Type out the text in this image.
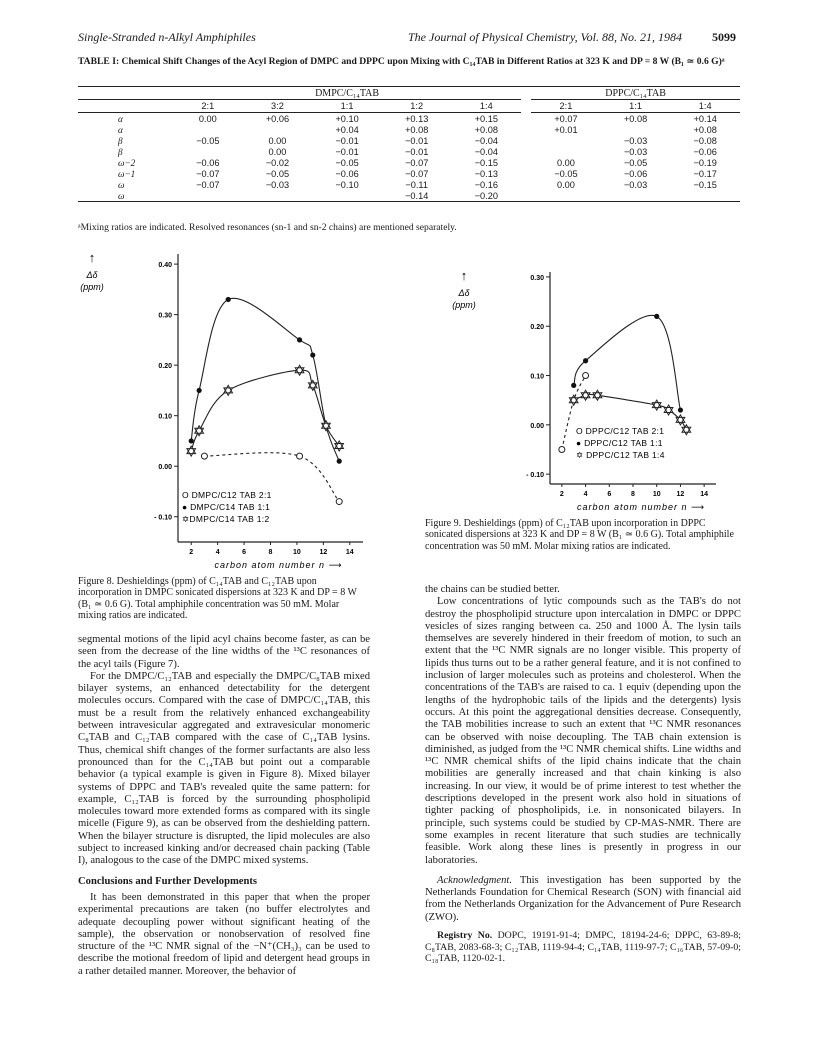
Single-Stranded n-Alkyl Amphiphiles	The Journal of Physical Chemistry, Vol. 88, No. 21, 1984	5099
TABLE I: Chemical Shift Changes of the Acyl Region of DMPC and DPPC upon Mixing with C₁₄TAB in Different Ratios at 323 K and DP = 8 W (B₁ ≃ 0.6 G)ᵃ
	DMPC/C₁₄TAB						DPPC/C₁₄TAB		
	2:1	3:2	1:1	1:2	1:4		2:1	1:1	1:4
α	0.00	+0.06	+0.10	+0.13	+0.15		+0.07	+0.08	+0.14
α			+0.04	+0.08	+0.08		+0.01		+0.08
β	−0.05	0.00	−0.01	−0.01	−0.04			−0.03	−0.08
β		0.00	−0.01	−0.01	−0.04			−0.03	−0.06
ω−2	−0.06	−0.02	−0.05	−0.07	−0.15		0.00	−0.05	−0.19
ω−1	−0.07	−0.05	−0.06	−0.07	−0.13		−0.05	−0.06	−0.17
ω	−0.07	−0.03	−0.10	−0.11	−0.16		0.00	−0.03	−0.15
ω				−0.14	−0.20				
ᵃMixing ratios are indicated. Resolved resonances (sn-1 and sn-2 chains) are mentioned separately.
0.40
0.30
0.20
0.10
0.00
- 0.10
2	4	6	8	10	12	14
carbon atom number n ⟶
↑
Δδ
(ppm)
O DMPC/C12 TAB 2:1
● DMPC/C14 TAB 1:1
✡DMPC/C14 TAB 1:2
0.30
0.20
0.10
0.00
- 0.10
2	4	6	8	10 12 14
carbon atom number n ⟶
↑
Δδ
(ppm)
O DPPC/C12 TAB 2:1
● DPPC/C12 TAB 1:1
✡ DPPC/C12 TAB 1:4
Figure 8. Deshieldings (ppm) of C₁₄TAB and C₁₂TAB upon incorporation in DMPC sonicated dispersions at 323 K and DP = 8 W (B₁ ≃ 0.6 G). Total amphiphile concentration was 50 mM. Molar mixing ratios are indicated.
Figure 9. Deshieldings (ppm) of C₁₂TAB upon incorporation in DPPC sonicated dispersions at 323 K and DP = 8 W (B₁ ≃ 0.6 G). Total amphiphile concentration was 50 mM. Molar mixing ratios are indicated.

segmental motions of the lipid acyl chains become faster, as can be seen from the decrease of the line widths of the ¹³C resonances of the acyl tails (Figure 7).

For the DMPC/C₁₂TAB and especially the DMPC/C₈TAB mixed bilayer systems, an enhanced detectability for the detergent molecules occurs. Compared with the case of DMPC/C₁₄TAB, this must be a result from the relatively enhanced exchangeability between intravesicular aggregated and extravesicular monomeric C₈TAB and C₁₂TAB compared with the case of C₁₄TAB lysins. Thus, chemical shift changes of the former surfactants are also less pronounced than for the C₁₄TAB but point out a comparable behavior (a typical example is given in Figure 8). Mixed bilayer systems of DPPC and TAB's revealed quite the same pattern: for example, C₁₂TAB is forced by the surrounding phospholipid molecules toward more extended forms as compared with its single micelle (Figure 9), as can be observed from the deshielding pattern. When the bilayer structure is disrupted, the lipid molecules are also subject to increased kinking and/or decreased chain packing (Table I), analogous to the case of the DMPC mixed systems.

Conclusions and Further Developments

It has been demonstrated in this paper that when the proper experimental precautions are taken (no buffer electrolytes and adequate decoupling power without significant heating of the sample), the observation or nonobservation of resolved fine structure of the ¹³C NMR signal of the −N⁺(CH₃)₃ can be used to describe the motional freedom of lipid and detergent head groups in a rather detailed manner. Moreover, the behavior of

the chains can be studied better.

Low concentrations of lytic compounds such as the TAB's do not destroy the phospholipid structure upon intercalation in DMPC or DPPC vesicles of sizes ranging between ca. 250 and 1000 Å. The lysin tails themselves are severely hindered in their freedom of motion, to such an extent that the ¹³C NMR signals are no longer visible. This property of lipids thus turns out to be a rather general feature, and it is not confined to inclusion of larger molecules such as proteins and cholesterol. When the concentrations of the TAB's are raised to ca. 1 equiv (depending upon the lengths of the hydrophobic tails of the lipids and the detergents) lysis occurs. At this point the aggregational densities decrease. Consequently, the TAB mobilities increase to such an extent that ¹³C NMR resonances can be observed with noise decoupling. The TAB chain extension is diminished, as judged from the ¹³C NMR chemical shifts. Line widths and ¹³C NMR chemical shifts of the lipid chains indicate that the chain mobilities are generally increased and that chain kinking is also increasing. In our view, it would be of prime interest to test whether the descriptions developed in the present work also hold in situations of tighter packing of phospholipids, i.e. in nonsonicated bilayers. In principle, such systems could be studied by CP-MAS-NMR. There are some examples in recent literature that such studies are technically feasible. Work along these lines is presently in progress in our laboratories.

Acknowledgment. This investigation has been supported by the Netherlands Foundation for Chemical Research (SON) with financial aid from the Netherlands Organization for the Advancement of Pure Research (ZWO).

Registry No. DOPC, 19191-91-4; DMPC, 18194-24-6; DPPC, 63-89-8; C₈TAB, 2083-68-3; C₁₂TAB, 1119-94-4; C₁₄TAB, 1119-97-7; C₁₆TAB, 57-09-0; C₁₈TAB, 1120-02-1.
